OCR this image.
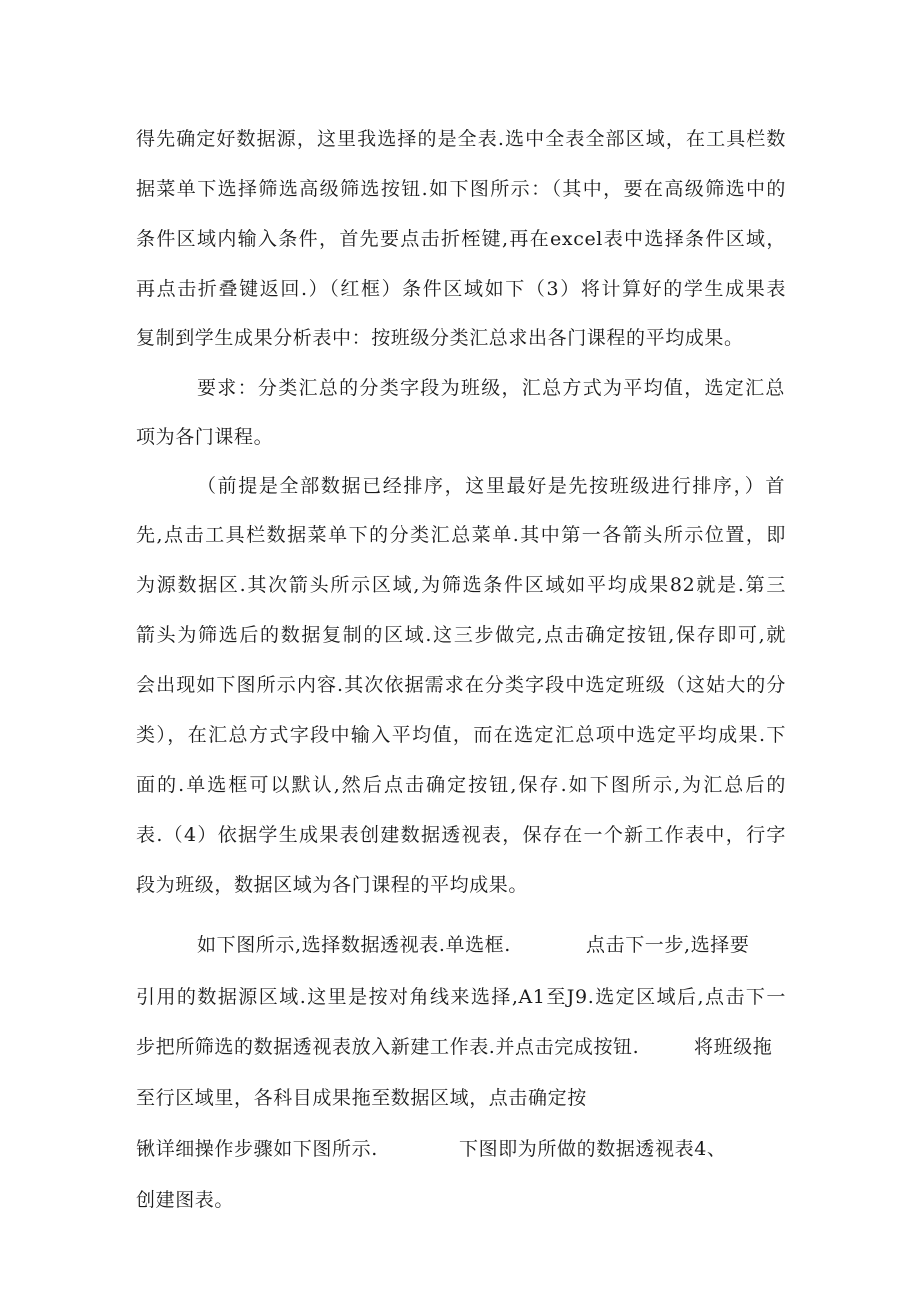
得先确定好数据源，这里我选择的是全表.选中全表全部区域，在工具栏数
据菜单下选择筛选高级筛选按钮.如下图所示：（其中，要在高级筛选中的
条件区域内输入条件，首先要点击折桎键,再在excel表中选择条件区域，
再点击折叠键返回.）（红框）条件区域如下（3）将计算好的学生成果表
复制到学生成果分析表中：按班级分类汇总求出各门课程的平均成果。
要求：分类汇总的分类字段为班级，汇总方式为平均值，选定汇总
项为各门课程。
（前提是全部数据已经排序，这里最好是先按班级进行排序，）首
先,点击工具栏数据菜单下的分类汇总菜单.其中第一各箭头所示位置，即
为源数据区.其次箭头所示区域,为筛选条件区域如平均成果82就是.第三
箭头为筛选后的数据复制的区域.这三步做完,点击确定按钮,保存即可,就
会出现如下图所示内容.其次依据需求在分类字段中选定班级（这姑大的分
类），在汇总方式字段中输入平均值，而在选定汇总项中选定平均成果.下
面的.单选框可以默认,然后点击确定按钮,保存.如下图所示,为汇总后的
表.（4）依据学生成果表创建数据透视表，保存在一个新工作表中，行字
段为班级，数据区域为各门课程的平均成果。
如下图所示,选择数据透视表.单选框.	点击下一步,选择要
引用的数据源区域.这里是按对角线来选择,A1至J9.选定区域后,点击下一
步把所筛选的数据透视表放入新建工作表.并点击完成按钮.	将班级拖
至行区域里，各科目成果拖至数据区域，点击确定按
锹详细操作步骤如下图所示.	下图即为所做的数据透视表4、
创建图表。
